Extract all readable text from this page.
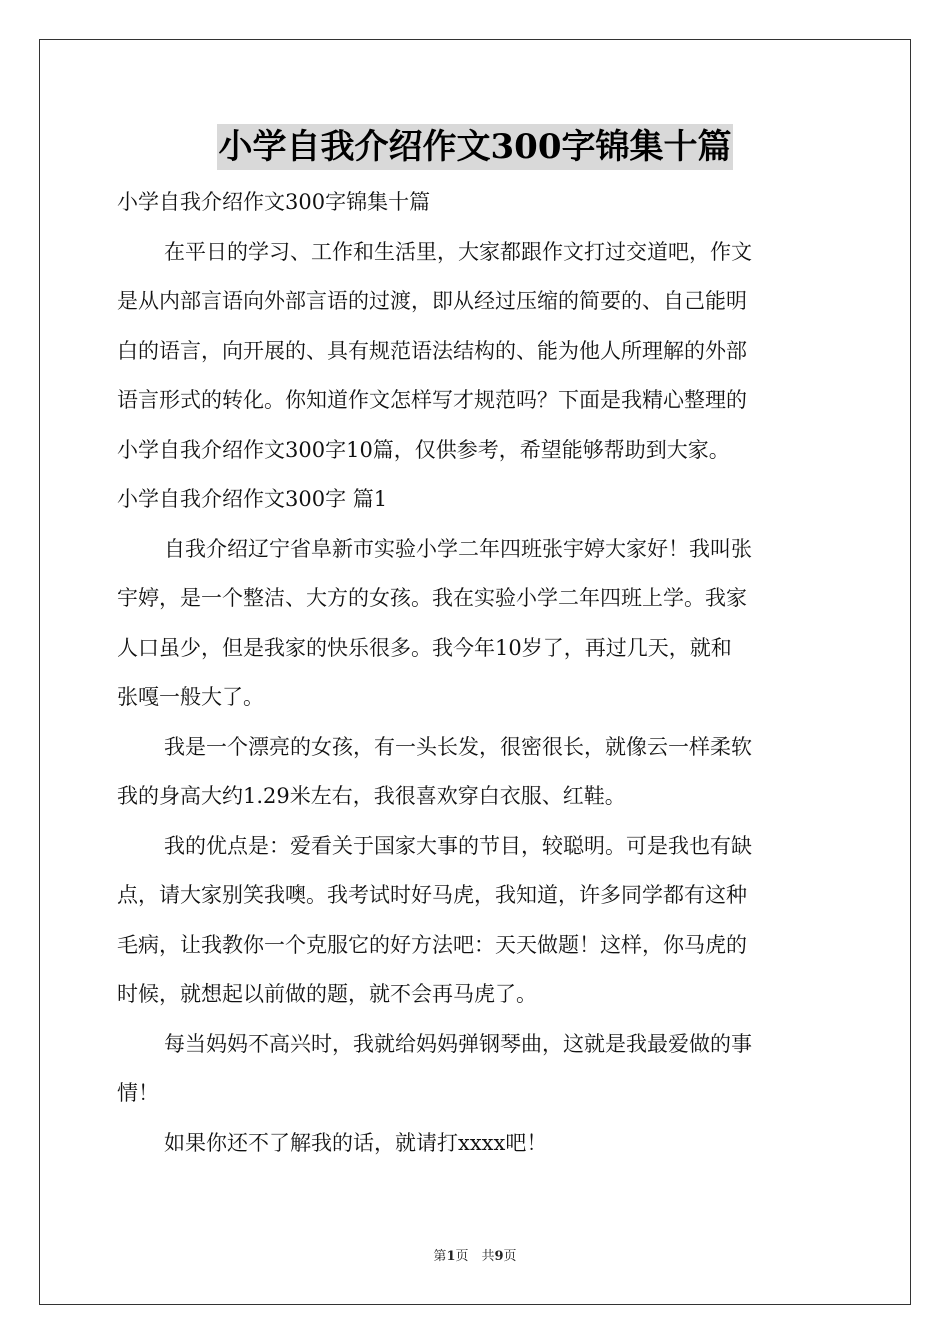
小学自我介绍作文300字锦集十篇
小学自我介绍作文300字锦集十篇
在平日的学习、工作和生活里，大家都跟作文打过交道吧，作文
是从内部言语向外部言语的过渡，即从经过压缩的简要的、自己能明
白的语言，向开展的、具有规范语法结构的、能为他人所理解的外部
语言形式的转化。你知道作文怎样写才规范吗？下面是我精心整理的
小学自我介绍作文300字10篇，仅供参考，希望能够帮助到大家。
小学自我介绍作文300字 篇1
自我介绍辽宁省阜新市实验小学二年四班张宇婷大家好！我叫张
宇婷，是一个整洁、大方的女孩。我在实验小学二年四班上学。我家
人口虽少，但是我家的快乐很多。我今年10岁了，再过几天，就和
张嘎一般大了。
我是一个漂亮的女孩，有一头长发，很密很长，就像云一样柔软
我的身高大约1.29米左右，我很喜欢穿白衣服、红鞋。
我的优点是：爱看关于国家大事的节目，较聪明。可是我也有缺
点，请大家别笑我噢。我考试时好马虎，我知道，许多同学都有这种
毛病，让我教你一个克服它的好方法吧：天天做题！这样，你马虎的
时候，就想起以前做的题，就不会再马虎了。
每当妈妈不高兴时，我就给妈妈弹钢琴曲，这就是我最爱做的事
情！
如果你还不了解我的话，就请打xxxx吧！
第1页　共9页
